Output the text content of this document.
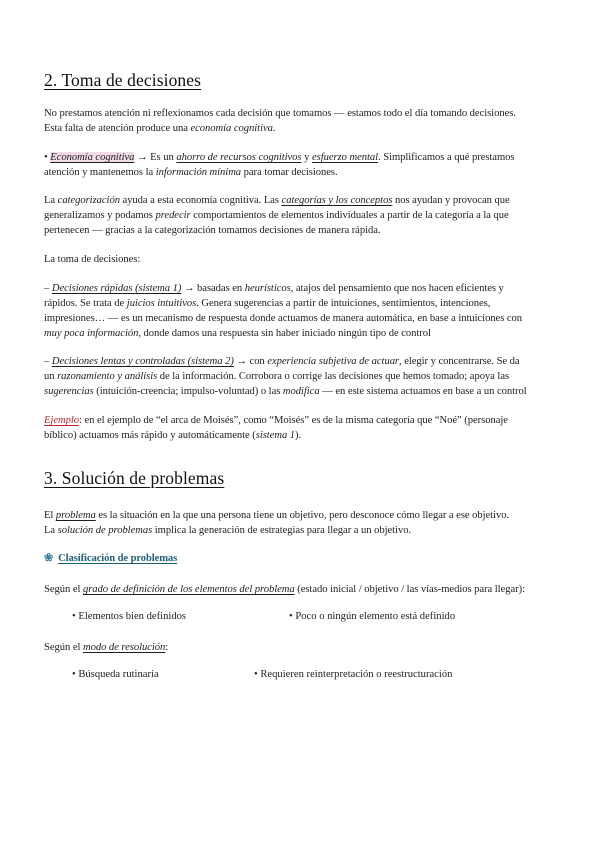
2. Toma de decisiones

No prestamos atención ni reflexionamos cada decisión que tomamos — estamos todo el día tomando decisiones.

Esta falta de atención produce una economía cognitiva.

• Economía cognitiva → Es un ahorro de recursos cognitivos y esfuerzo mental. Simplificamos a qué prestamos

atención y mantenemos la información mínima para tomar decisiones.

La categorización ayuda a esta economía cognitiva. Las categorías y los conceptos nos ayudan y provocan que

generalizamos y podamos predecir comportamientos de elementos individuales a partir de la categoría a la que

pertenecen — gracias a la categorización tomamos decisiones de manera rápida.

La toma de decisiones:

– Decisiones rápidas (sistema 1) → basadas en heurísticos, atajos del pensamiento que nos hacen eficientes y

rápidos. Se trata de juicios intuitivos. Genera sugerencias a partir de intuiciones, sentimientos, intenciones,

impresiones… — es un mecanismo de respuesta donde actuamos de manera automática, en base a intuiciones con

muy poca información, donde damos una respuesta sin haber iniciado ningún tipo de control

– Decisiones lentas y controladas (sistema 2) → con experiencia subjetiva de actuar, elegir y concentrarse. Se da

un razonamiento y análisis de la información. Corrobora o corrige las decisiones que hemos tomado; apoya las

sugerencias (intuición-creencia; impulso-voluntad) o las modifica — en este sistema actuamos en base a un control

Ejemplo: en el ejemplo de “el arca de Moisés”, como “Moisés” es de la misma categoría que “Noé” (personaje

bíblico) actuamos más rápido y automáticamente (sistema 1).

3. Solución de problemas

El problema es la situación en la que una persona tiene un objetivo, pero desconoce cómo llegar a ese objetivo.

La solución de problemas implica la generación de estrategias para llegar a un objetivo.

❀ Clasificación de problemas

Según el grado de definición de los elementos del problema (estado inicial / objetivo / las vías-medios para llegar):

• Elementos bien definidos	• Poco o ningún elemento está definido

Según el modo de resolución:

• Búsqueda rutinaria	• Requieren reinterpretación o reestructuración
